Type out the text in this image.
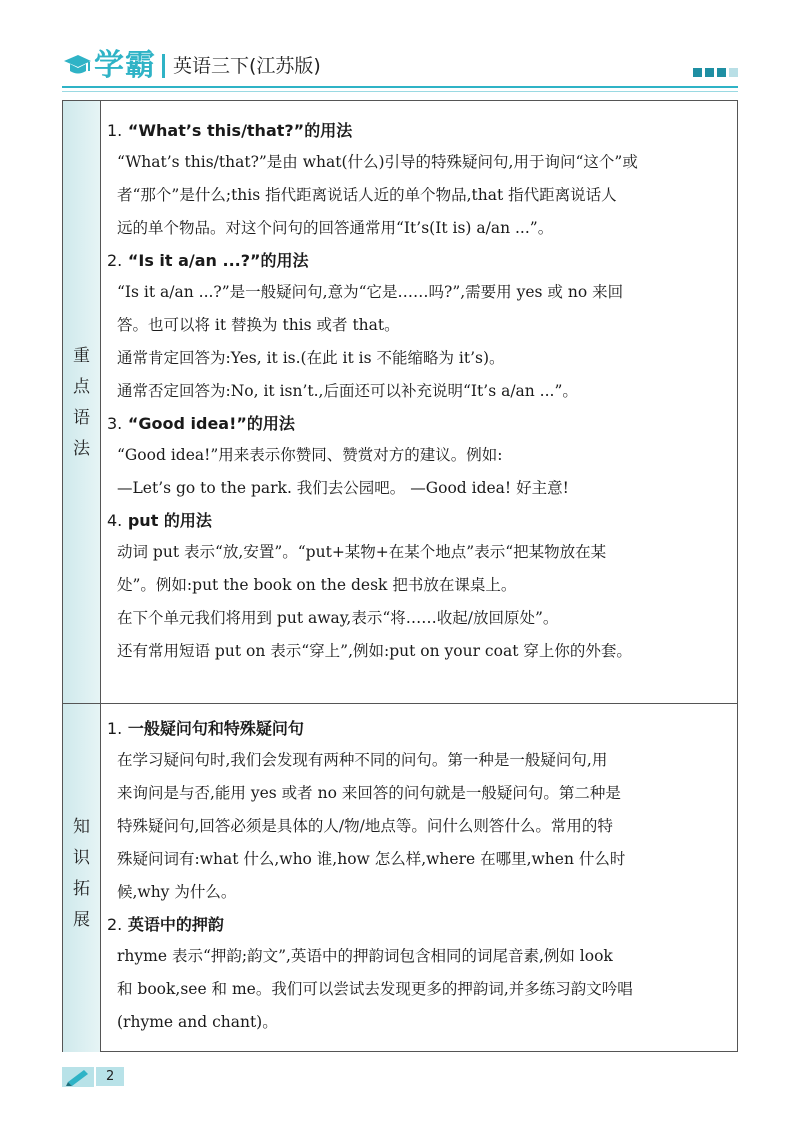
学霸 英语三下(江苏版)
重
点
语
法
1. “What’s this/that?”的用法
“What’s this/that?”是由 what(什么)引导的特殊疑问句,用于询问“这个”或
者“那个”是什么;this 指代距离说话人近的单个物品,that 指代距离说话人
远的单个物品。对这个问句的回答通常用“It’s(It is) a/an ...”。
2. “Is it a/an ...?”的用法
“Is it a/an ...?”是一般疑问句,意为“它是……吗?”,需要用 yes 或 no 来回
答。也可以将 it 替换为 this 或者 that。
通常肯定回答为:Yes, it is.(在此 it is 不能缩略为 it’s)。
通常否定回答为:No, it isn’t.,后面还可以补充说明“It’s a/an ...”。
3. “Good idea!”的用法
“Good idea!”用来表示你赞同、赞赏对方的建议。例如:
—Let’s go to the park. 我们去公园吧。 —Good idea! 好主意!
4. put 的用法
动词 put 表示“放,安置”。“put+某物+在某个地点”表示“把某物放在某
处”。例如:put the book on the desk 把书放在课桌上。
在下个单元我们将用到 put away,表示“将……收起/放回原处”。
还有常用短语 put on 表示“穿上”,例如:put on your coat 穿上你的外套。
知
识
拓
展
1. 一般疑问句和特殊疑问句
在学习疑问句时,我们会发现有两种不同的问句。第一种是一般疑问句,用
来询问是与否,能用 yes 或者 no 来回答的问句就是一般疑问句。第二种是
特殊疑问句,回答必须是具体的人/物/地点等。问什么则答什么。常用的特
殊疑问词有:what 什么,who 谁,how 怎么样,where 在哪里,when 什么时
候,why 为什么。
2. 英语中的押韵
rhyme 表示“押韵;韵文”,英语中的押韵词包含相同的词尾音素,例如 look
和 book,see 和 me。我们可以尝试去发现更多的押韵词,并多练习韵文吟唱
(rhyme and chant)。
2
